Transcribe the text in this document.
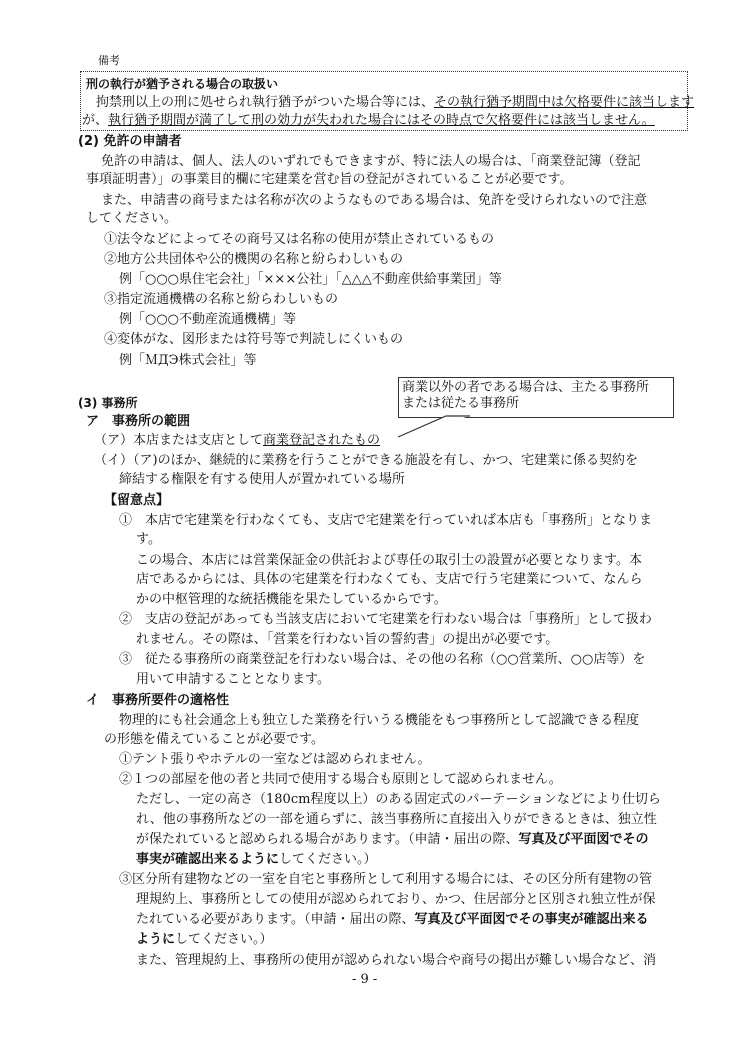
備考
刑の執行が猶予される場合の取扱い
拘禁刑以上の刑に処せられ執行猶予がついた場合等には、その執行猶予期間中は欠格要件に該当します
が、執行猶予期間が満了して刑の効力が失われた場合にはその時点で欠格要件には該当しません。
(2) 免許の申請者
免許の申請は、個人、法人のいずれでもできますが、特に法人の場合は、「商業登記簿（登記
事項証明書）」の事業目的欄に宅建業を営む旨の登記がされていることが必要です。
また、申請書の商号または名称が次のようなものである場合は、免許を受けられないので注意
してください。
①法令などによってその商号又は名称の使用が禁止されているもの
②地方公共団体や公的機関の名称と紛らわしいもの
例「○○○県住宅会社」「×××公社」「△△△不動産供給事業団」等
③指定流通機構の名称と紛らわしいもの
例「○○○不動産流通機構」等
④変体がな、図形または符号等で判読しにくいもの
例「ＭДЭ株式会社」等
商業以外の者である場合は、主たる事務所
または従たる事務所
(3) 事務所
ア　事務所の範囲
（ア）本店または支店として商業登記されたもの
（イ）（ア)のほか、継続的に業務を行うことができる施設を有し、かつ、宅建業に係る契約を
締結する権限を有する使用人が置かれている場所
【留意点】
①　本店で宅建業を行わなくても、支店で宅建業を行っていれば本店も「事務所」となりま
す。
この場合、本店には営業保証金の供託および専任の取引士の設置が必要となります。本
店であるからには、具体の宅建業を行わなくても、支店で行う宅建業について、なんら
かの中枢管理的な統括機能を果たしているからです。
②　支店の登記があっても当該支店において宅建業を行わない場合は「事務所」として扱わ
れません。その際は、「営業を行わない旨の誓約書」の提出が必要です。
③　従たる事務所の商業登記を行わない場合は、その他の名称（○○営業所、○○店等）を
用いて申請することとなります。
イ　事務所要件の適格性
物理的にも社会通念上も独立した業務を行いうる機能をもつ事務所として認識できる程度
の形態を備えていることが必要です。
①テント張りやホテルの一室などは認められません。
②１つの部屋を他の者と共同で使用する場合も原則として認められません。
ただし、一定の高さ（180cm程度以上）のある固定式のパーテーションなどにより仕切ら
れ、他の事務所などの一部を通らずに、該当事務所に直接出入りができるときは、独立性
が保たれていると認められる場合があります。（申請・届出の際、写真及び平面図でその
事実が確認出来るようにしてください。）
③区分所有建物などの一室を自宅と事務所として利用する場合には、その区分所有建物の管
理規約上、事務所としての使用が認められており、かつ、住居部分と区別され独立性が保
たれている必要があります。（申請・届出の際、写真及び平面図でその事実が確認出来る
ようにしてください。）
また、管理規約上、事務所の使用が認められない場合や商号の掲出が難しい場合など、消
- 9 -
